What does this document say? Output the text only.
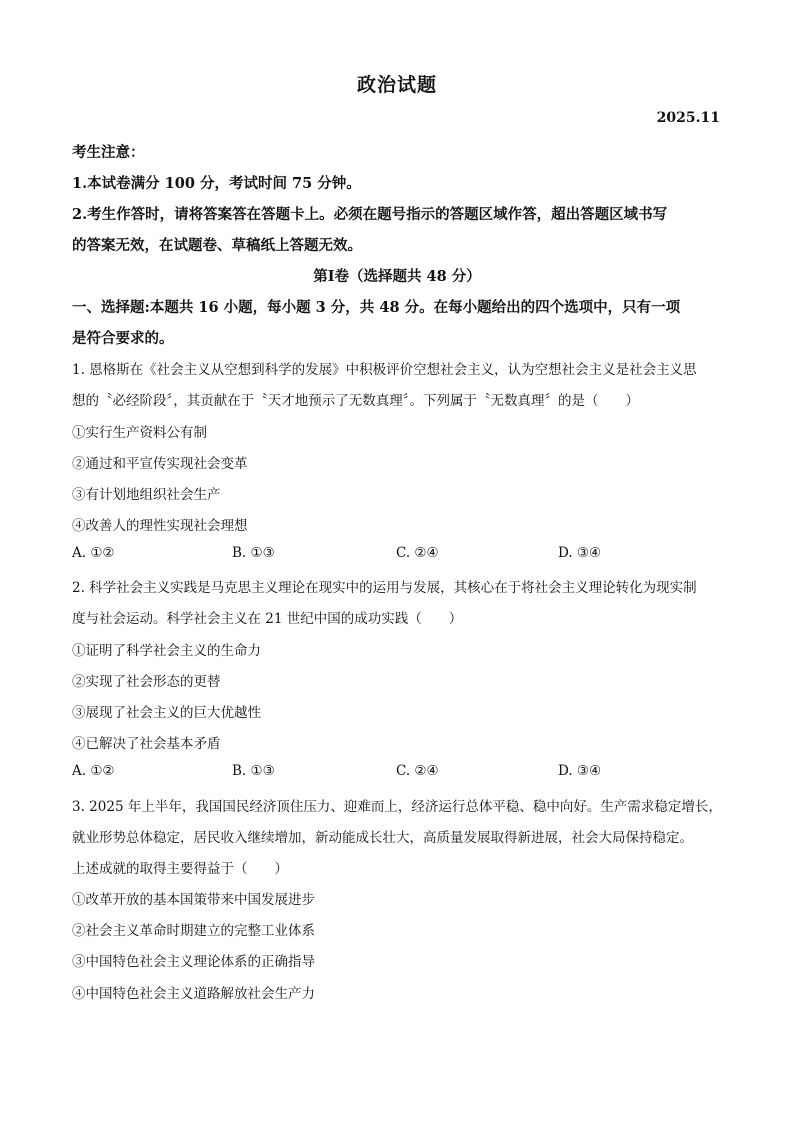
政治试题
2025.11
考生注意：
1.本试卷满分 100 分，考试时间 75 分钟。
2.考生作答时，请将答案答在答题卡上。必须在题号指示的答题区域作答，超出答题区域书写
的答案无效，在试题卷、草稿纸上答题无效。
第Ⅰ卷（选择题共 48 分）
一、选择题:本题共 16 小题，每小题 3 分，共 48 分。在每小题给出的四个选项中，只有一项
是符合要求的。
1. 恩格斯在《社会主义从空想到科学的发展》中积极评价空想社会主义，认为空想社会主义是社会主义思
想的〝必经阶段〞，其贡献在于〝天才地预示了无数真理〞。下列属于〝无数真理〞的是（　　）
①实行生产资料公有制
②通过和平宣传实现社会变革
③有计划地组织社会生产
④改善人的理性实现社会理想
A. ①②	B. ①③	C. ②④	D. ③④
2. 科学社会主义实践是马克思主义理论在现实中的运用与发展，其核心在于将社会主义理论转化为现实制
度与社会运动。科学社会主义在 21 世纪中国的成功实践（　　）
①证明了科学社会主义的生命力
②实现了社会形态的更替
③展现了社会主义的巨大优越性
④已解决了社会基本矛盾
A. ①②	B. ①③	C. ②④	D. ③④
3. 2025 年上半年，我国国民经济顶住压力、迎难而上，经济运行总体平稳、稳中向好。生产需求稳定增长，
就业形势总体稳定，居民收入继续增加，新动能成长壮大，高质量发展取得新进展，社会大局保持稳定。
上述成就的取得主要得益于（　　）
①改革开放的基本国策带来中国发展进步
②社会主义革命时期建立的完整工业体系
③中国特色社会主义理论体系的正确指导
④中国特色社会主义道路解放社会生产力
